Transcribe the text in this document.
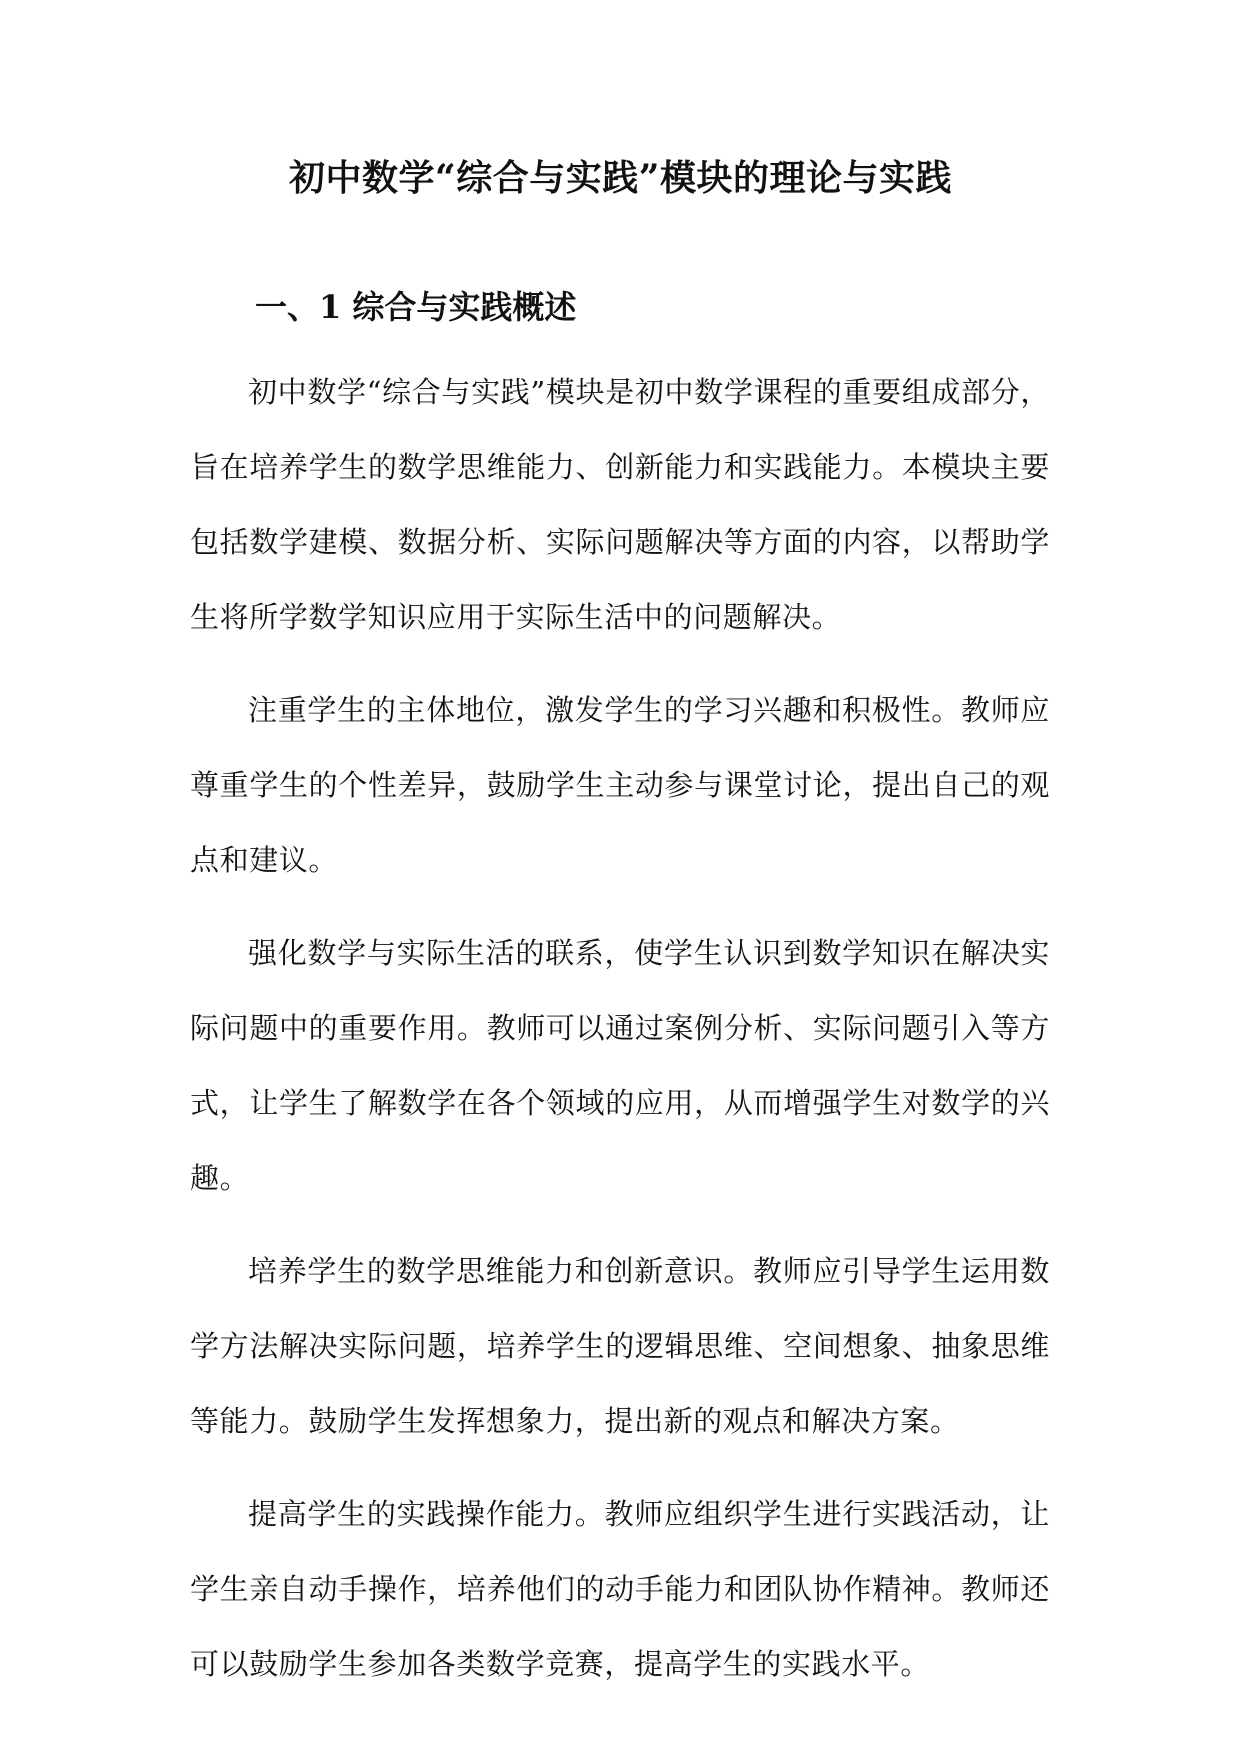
初中数学“综合与实践”模块的理论与实践
一、1 综合与实践概述

初中数学“综合与实践”模块是初中数学课程的重要组成部分，旨在培养学生的数学思维能力、创新能力和实践能力。本模块主要包括数学建模、数据分析、实际问题解决等方面的内容，以帮助学生将所学数学知识应用于实际生活中的问题解决。

注重学生的主体地位，激发学生的学习兴趣和积极性。教师应尊重学生的个性差异，鼓励学生主动参与课堂讨论，提出自己的观点和建议。

强化数学与实际生活的联系，使学生认识到数学知识在解决实际问题中的重要作用。教师可以通过案例分析、实际问题引入等方式，让学生了解数学在各个领域的应用，从而增强学生对数学的兴趣。

培养学生的数学思维能力和创新意识。教师应引导学生运用数学方法解决实际问题，培养学生的逻辑思维、空间想象、抽象思维等能力。鼓励学生发挥想象力，提出新的观点和解决方案。

提高学生的实践操作能力。教师应组织学生进行实践活动，让学生亲自动手操作，培养他们的动手能力和团队协作精神。教师还可以鼓励学生参加各类数学竞赛，提高学生的实践水平。
